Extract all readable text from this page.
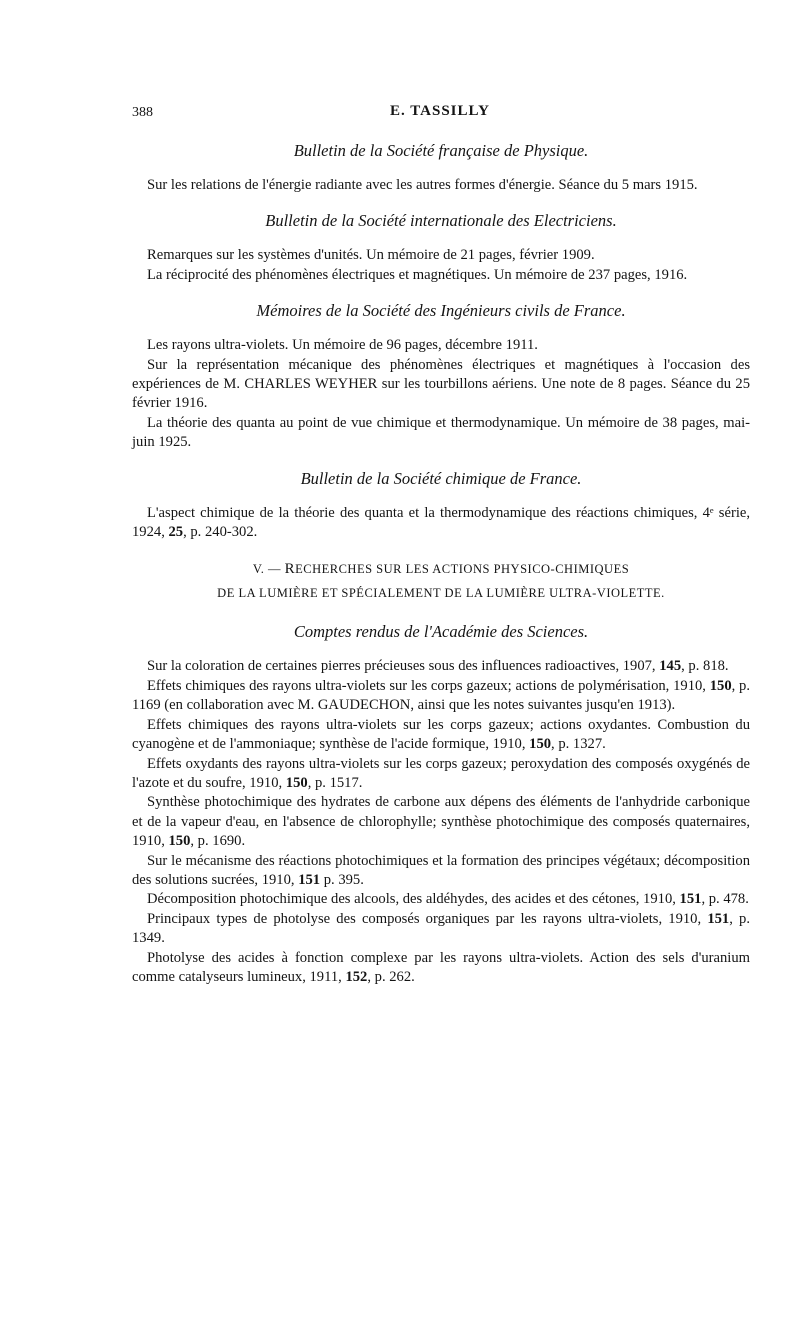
388	E. TASSILLY
Bulletin de la Société française de Physique.

Sur les relations de l'énergie radiante avec les autres formes d'énergie. Séance du 5 mars 1915.

Bulletin de la Société internationale des Electriciens.

Remarques sur les systèmes d'unités. Un mémoire de 21 pages, février 1909.

La réciprocité des phénomènes électriques et magnétiques. Un mémoire de 237 pages, 1916.

Mémoires de la Société des Ingénieurs civils de France.

Les rayons ultra-violets. Un mémoire de 96 pages, décembre 1911.

Sur la représentation mécanique des phénomènes électriques et magnétiques à l'occasion des expériences de M. CHARLES WEYHER sur les tourbillons aériens. Une note de 8 pages. Séance du 25 février 1916.

La théorie des quanta au point de vue chimique et thermodynamique. Un mémoire de 38 pages, mai-juin 1925.

Bulletin de la Société chimique de France.

L'aspect chimique de la théorie des quanta et la thermodynamique des réactions chimiques, 4ᵉ série, 1924, 25, p. 240-302.

V. — RECHERCHES SUR LES ACTIONS PHYSICO-CHIMIQUES
DE LA LUMIÈRE ET SPÉCIALEMENT DE LA LUMIÈRE ULTRA-VIOLETTE.
Comptes rendus de l'Académie des Sciences.

Sur la coloration de certaines pierres précieuses sous des influences radioactives, 1907, 145, p. 818.

Effets chimiques des rayons ultra-violets sur les corps gazeux; actions de polymérisation, 1910, 150, p. 1169 (en collaboration avec M. GAUDECHON, ainsi que les notes suivantes jusqu'en 1913).

Effets chimiques des rayons ultra-violets sur les corps gazeux; actions oxydantes. Combustion du cyanogène et de l'ammoniaque; synthèse de l'acide formique, 1910, 150, p. 1327.

Effets oxydants des rayons ultra-violets sur les corps gazeux; peroxydation des composés oxygénés de l'azote et du soufre, 1910, 150, p. 1517.

Synthèse photochimique des hydrates de carbone aux dépens des éléments de l'anhydride carbonique et de la vapeur d'eau, en l'absence de chlorophylle; synthèse photochimique des composés quaternaires, 1910, 150, p. 1690.

Sur le mécanisme des réactions photochimiques et la formation des principes végétaux; décomposition des solutions sucrées, 1910, 151 p. 395.

Décomposition photochimique des alcools, des aldéhydes, des acides et des cétones, 1910, 151, p. 478.

Principaux types de photolyse des composés organiques par les rayons ultra-violets, 1910, 151, p. 1349.

Photolyse des acides à fonction complexe par les rayons ultra-violets. Action des sels d'uranium comme catalyseurs lumineux, 1911, 152, p. 262.
